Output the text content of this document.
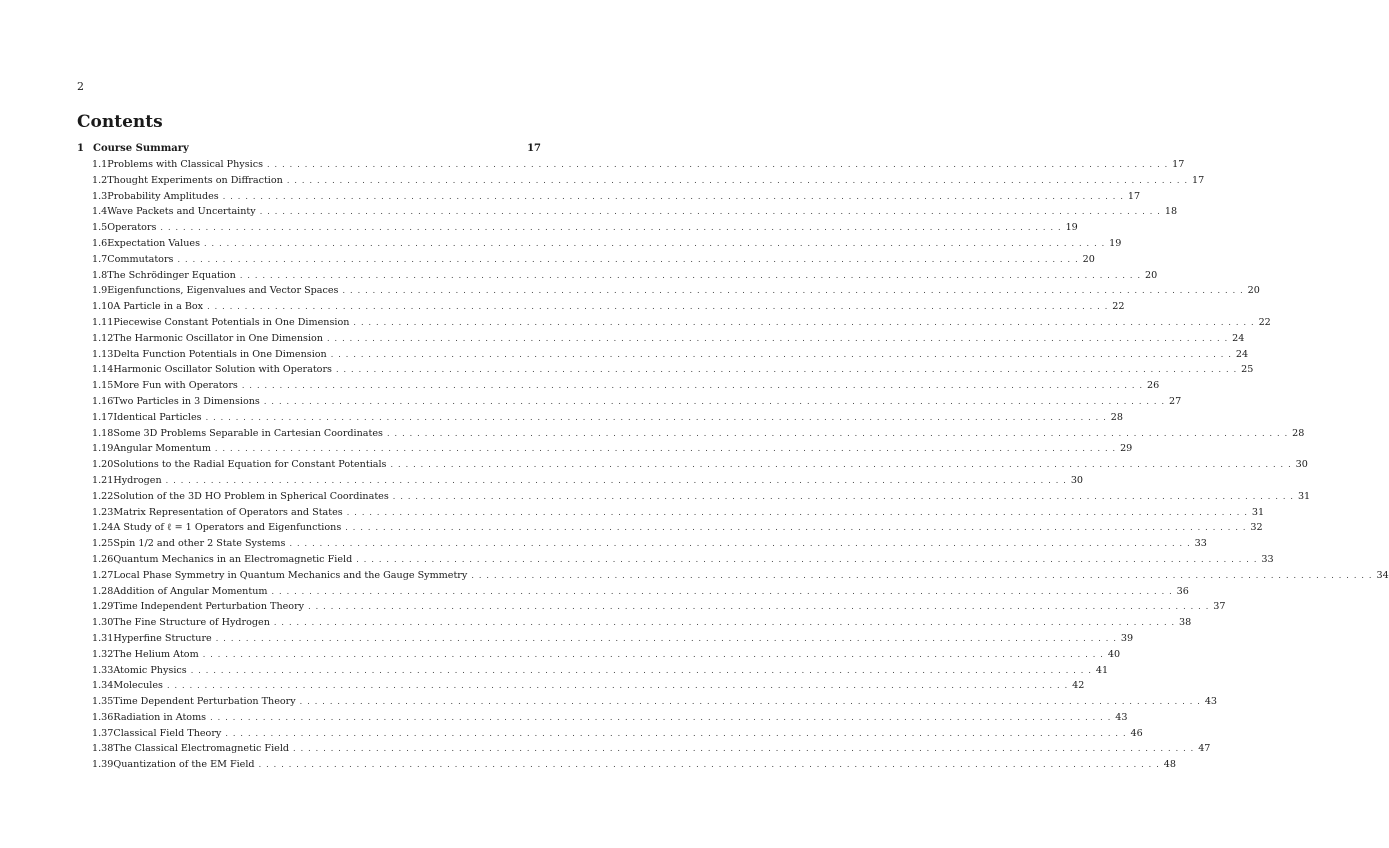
2
Contents
1 Course Summary	17
1.1 Problems with Classical Physics ........................................................................................................................ 17
1.2 Thought Experiments on Diffraction ........................................................................................................................ 17
1.3 Probability Amplitudes ........................................................................................................................ 17
1.4 Wave Packets and Uncertainty ........................................................................................................................ 18
1.5 Operators ........................................................................................................................ 19
1.6 Expectation Values ........................................................................................................................ 19
1.7 Commutators ........................................................................................................................ 20
1.8 The Schrödinger Equation ........................................................................................................................ 20
1.9 Eigenfunctions, Eigenvalues and Vector Spaces ........................................................................................................................ 20
1.10 A Particle in a Box ........................................................................................................................ 22
1.11 Piecewise Constant Potentials in One Dimension ........................................................................................................................ 22
1.12 The Harmonic Oscillator in One Dimension ........................................................................................................................ 24
1.13 Delta Function Potentials in One Dimension ........................................................................................................................ 24
1.14 Harmonic Oscillator Solution with Operators ........................................................................................................................ 25
1.15 More Fun with Operators ........................................................................................................................ 26
1.16 Two Particles in 3 Dimensions ........................................................................................................................ 27
1.17 Identical Particles ........................................................................................................................ 28
1.18 Some 3D Problems Separable in Cartesian Coordinates ........................................................................................................................ 28
1.19 Angular Momentum ........................................................................................................................ 29
1.20 Solutions to the Radial Equation for Constant Potentials ........................................................................................................................ 30
1.21 Hydrogen ........................................................................................................................ 30
1.22 Solution of the 3D HO Problem in Spherical Coordinates ........................................................................................................................ 31
1.23 Matrix Representation of Operators and States ........................................................................................................................ 31
1.24 A Study of ℓ = 1 Operators and Eigenfunctions ........................................................................................................................ 32
1.25 Spin 1/2 and other 2 State Systems ........................................................................................................................ 33
1.26 Quantum Mechanics in an Electromagnetic Field ........................................................................................................................ 33
1.27 Local Phase Symmetry in Quantum Mechanics and the Gauge Symmetry ........................................................................................................................ 34
1.28 Addition of Angular Momentum ........................................................................................................................ 36
1.29 Time Independent Perturbation Theory ........................................................................................................................ 37
1.30 The Fine Structure of Hydrogen ........................................................................................................................ 38
1.31 Hyperfine Structure ........................................................................................................................ 39
1.32 The Helium Atom ........................................................................................................................ 40
1.33 Atomic Physics ........................................................................................................................ 41
1.34 Molecules ........................................................................................................................ 42
1.35 Time Dependent Perturbation Theory ........................................................................................................................ 43
1.36 Radiation in Atoms ........................................................................................................................ 43
1.37 Classical Field Theory ........................................................................................................................ 46
1.38 The Classical Electromagnetic Field ........................................................................................................................ 47
1.39 Quantization of the EM Field ........................................................................................................................ 48
